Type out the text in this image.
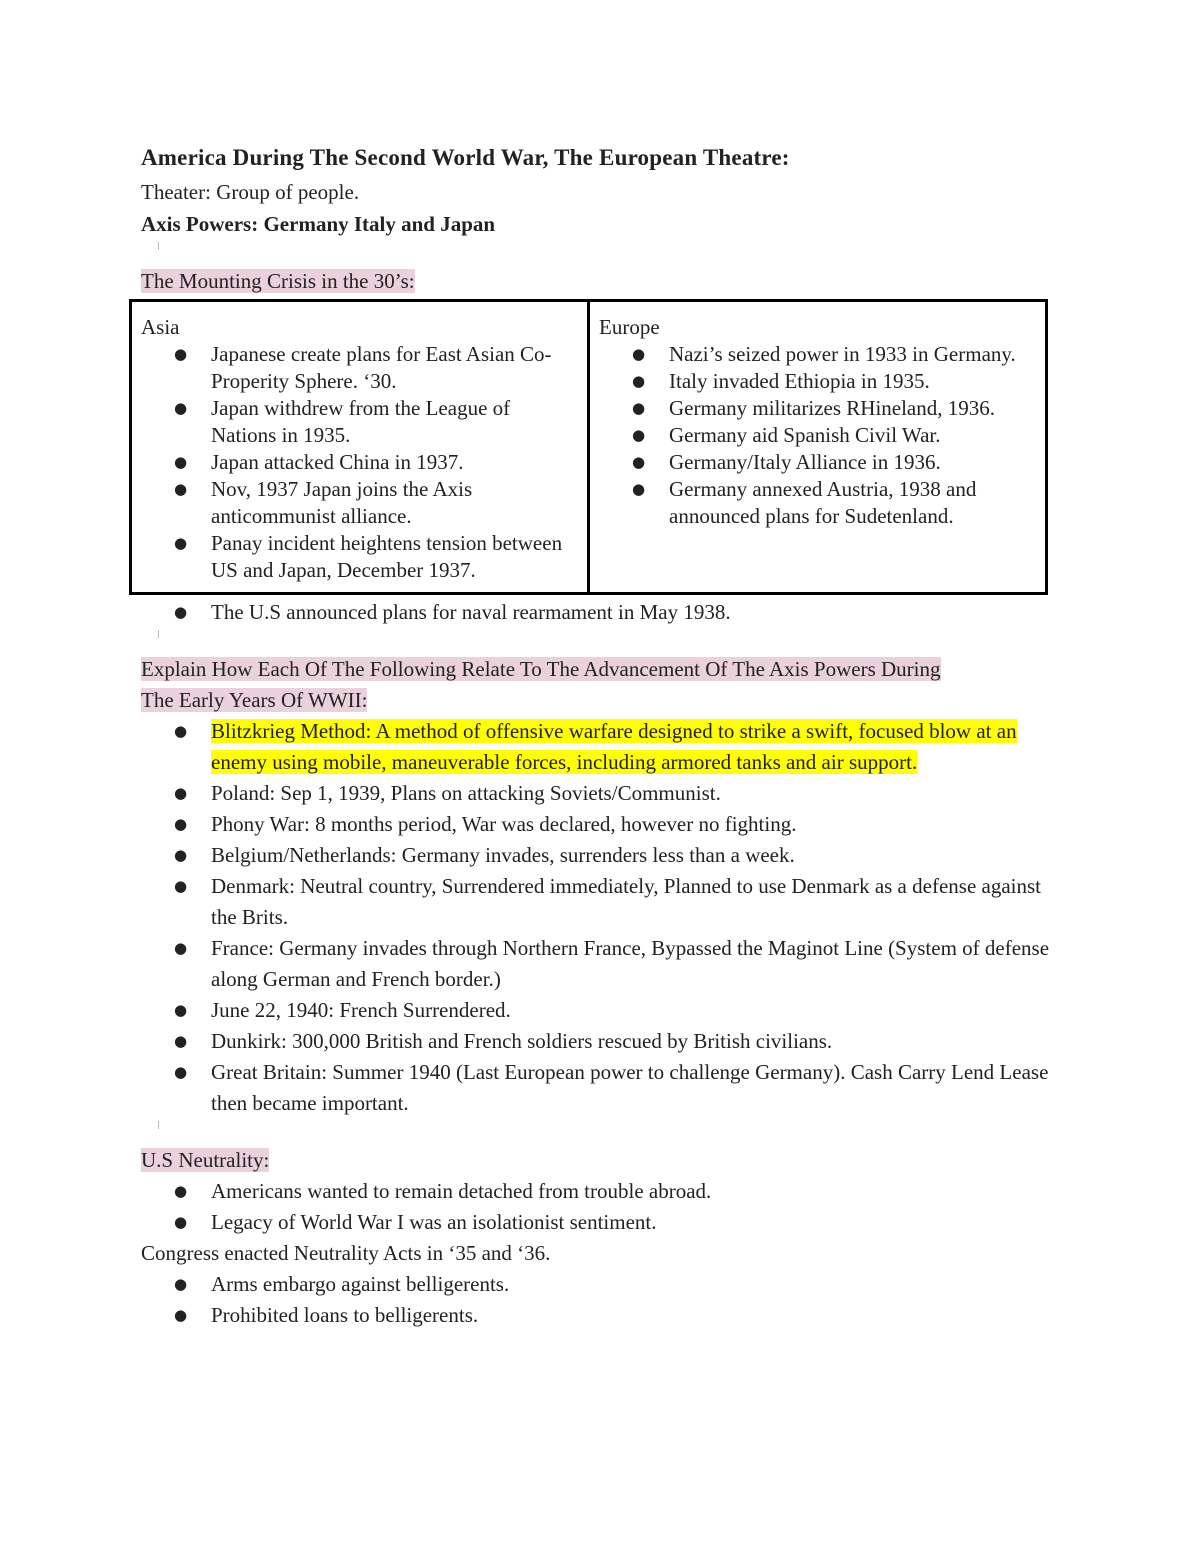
America During The Second World War, The European Theatre:

Theater: Group of people.

Axis Powers: Germany Italy and Japan

The Mounting Crisis in the 30’s:

Asia
● Japanese create plans for East Asian Co-Properity Sphere. ‘30.
● Japan withdrew from the League of Nations in 1935.
● Japan attacked China in 1937.
● Nov, 1937 Japan joins the Axis anticommunist alliance.
● Panay incident heightens tension between US and Japan, December 1937.

Europe
● Nazi’s seized power in 1933 in Germany.
● Italy invaded Ethiopia in 1935.
● Germany militarizes RHineland, 1936.
● Germany aid Spanish Civil War.
● Germany/Italy Alliance in 1936.
● Germany annexed Austria, 1938 and announced plans for Sudetenland.
● The U.S announced plans for naval rearmament in May 1938.

Explain How Each Of The Following Relate To The Advancement Of The Axis Powers During

The Early Years Of WWII:

● Blitzkrieg Method: A method of offensive warfare designed to strike a swift, focused blow at an enemy using mobile, maneuverable forces, including armored tanks and air support.
● Poland: Sep 1, 1939, Plans on attacking Soviets/Communist.
● Phony War: 8 months period, War was declared, however no fighting.
● Belgium/Netherlands: Germany invades, surrenders less than a week.
● Denmark: Neutral country, Surrendered immediately, Planned to use Denmark as a defense against the Brits.
● France: Germany invades through Northern France, Bypassed the Maginot Line (System of defense along German and French border.)
● June 22, 1940: French Surrendered.
● Dunkirk: 300,000 British and French soldiers rescued by British civilians.
● Great Britain: Summer 1940 (Last European power to challenge Germany). Cash Carry Lend Lease then became important.

U.S Neutrality:

● Americans wanted to remain detached from trouble abroad.
● Legacy of World War I was an isolationist sentiment.

Congress enacted Neutrality Acts in ‘35 and ‘36.

● Arms embargo against belligerents.
● Prohibited loans to belligerents.
